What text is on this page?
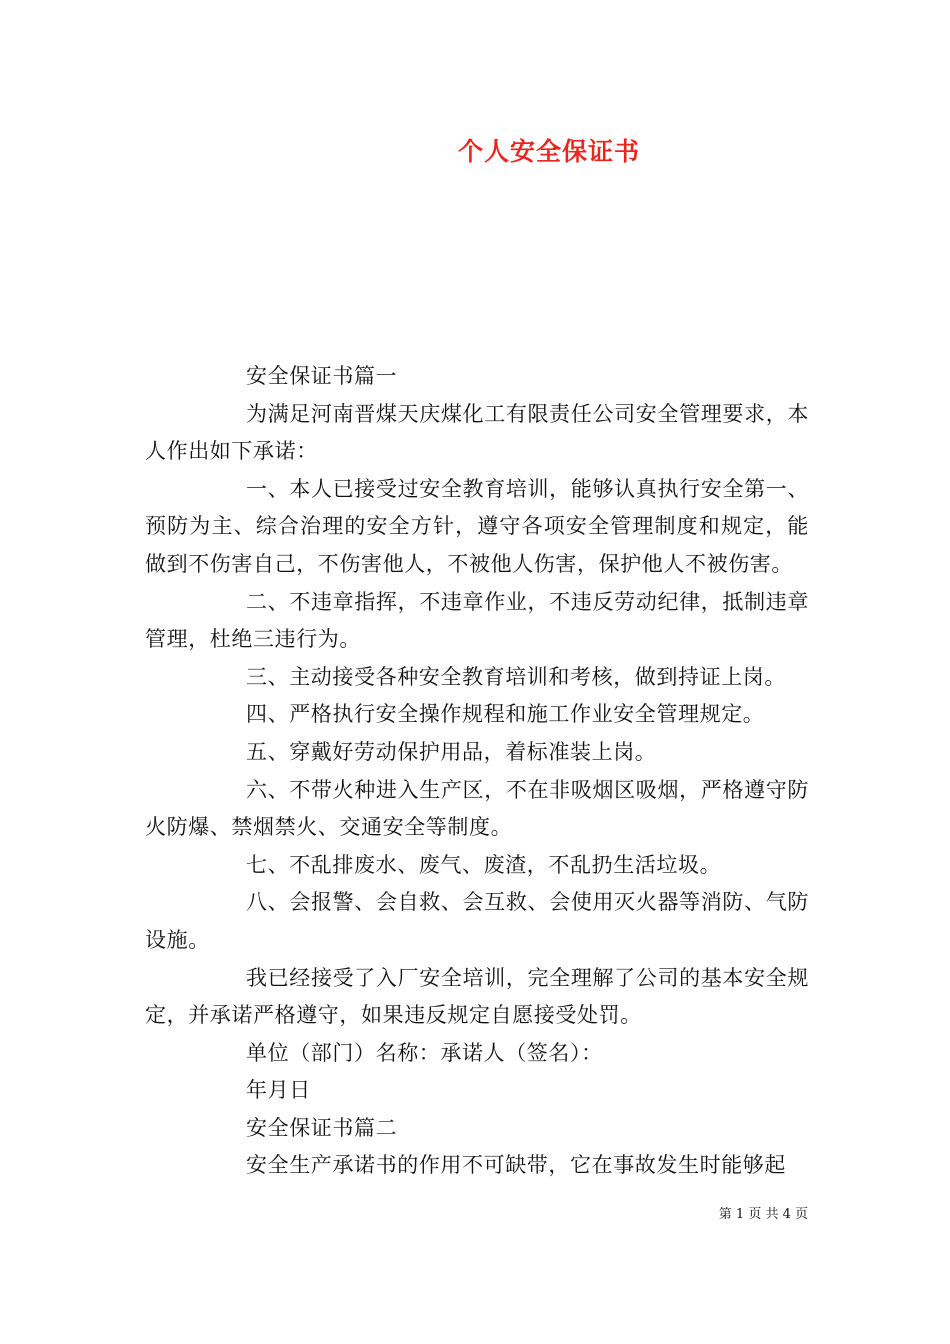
个人安全保证书

安全保证书篇一

为满足河南晋煤天庆煤化工有限责任公司安全管理要求，本人作出如下承诺：

一、本人已接受过安全教育培训，能够认真执行安全第一、预防为主、综合治理的安全方针，遵守各项安全管理制度和规定，能做到不伤害自己，不伤害他人，不被他人伤害，保护他人不被伤害。

二、不违章指挥，不违章作业，不违反劳动纪律，抵制违章管理，杜绝三违行为。

三、主动接受各种安全教育培训和考核，做到持证上岗。

四、严格执行安全操作规程和施工作业安全管理规定。

五、穿戴好劳动保护用品，着标准装上岗。

六、不带火种进入生产区，不在非吸烟区吸烟，严格遵守防火防爆、禁烟禁火、交通安全等制度。

七、不乱排废水、废气、废渣，不乱扔生活垃圾。

八、会报警、会自救、会互救、会使用灭火器等消防、气防设施。

我已经接受了入厂安全培训，完全理解了公司的基本安全规定，并承诺严格遵守，如果违反规定自愿接受处罚。

单位（部门）名称：承诺人（签名）：

年月日

安全保证书篇二

安全生产承诺书的作用不可缺带，它在事故发生时能够起

第 1 页 共 4 页
